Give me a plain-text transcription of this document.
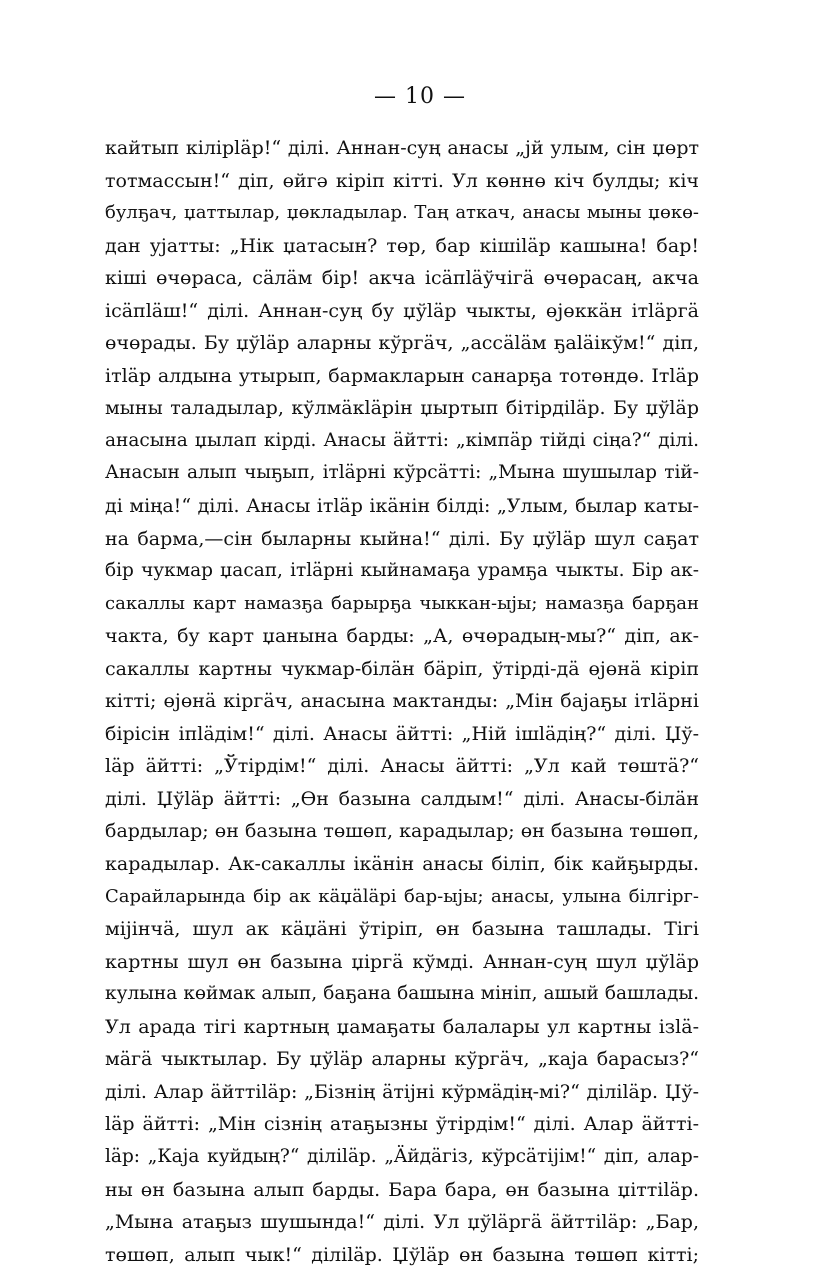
— 10 —
кайтып кіліpläp!“ ділі. Аннан-суң анасы „јй улым, сін џөрт
тотмассын!“ діп, өйгә кіріп кітті. Ул көннө кіч булды; кіч
булҕач, џаттылар, џөкладылар. Таң аткач, анасы мыны џөкө-
дан уjатты: „Нік џатасын? төр, бар кішіläр кашына! бар!
кішi өчөраса, сäлäм бір! акча ісäпläўчігä өчөрасаң, акча
ісäпläш!“ ділі. Аннан-суң бу џўläр чыкты, өјөккäн ітläргä
өчөрады. Бу џўläр аларны кўргäч, „ассäläм ҕаläiкўм!“ діп,
ітläр алдына утырып, бармакларын санарҕа тотөндө. Ітläр
мыны таладылар, кўлмäкläрін џыртып бітірдіläр. Бу џўläр
анасына џылап кірді. Анасы äйтті: „кімпäр тійді сіңа?“ ділі.
Анасын алып чыҕып, ітläрні кўрсäтті: „Мына шушылар тій-
ді міңа!“ ділі. Анасы ітläр ікäнін білді: „Улым, былар каты-
на барма,—сін быларны кыйна!“ ділі. Бу џўläр шул саҕат
бір чукмар џасап, ітläрні кыйнамаҕа урамҕа чыкты. Бір ак-
сакаллы карт намазҕа барырҕа чыккан-ыјы; намазҕа барҕан
чакта, бу карт џанына барды: „А, өчөрадың-мы?“ діп, ак-
сакаллы картны чукмар-білäн бäріп, ўтірді-дä өјөнä кіріп
кітті; өјөнä кіргäч, анасына мактанды: „Мін баjаҕы ітläрні
бірісін іпläдім!“ ділі. Анасы äйтті: „Ній ішläдің?“ ділі. Џў-
läр äйтті: „Ўтірдім!“ ділі. Анасы äйтті: „Ул кай төштä?“
ділі. Џўläр äйтті: „Өн базына салдым!“ ділі. Анасы-білäн
бардылар; өн базына төшөп, карадылар; өн базына төшөп,
карадылар. Ак-сакаллы ікäнін анасы біліп, бік кайҕырды.
Сарайларында бір ак кäџäläрі бар-ыјы; анасы, улына білгірг-
міјінчä, шул ак кäџäні ўтіріп, өн базына ташлады. Тігі
картны шул өн базына џіргä кўмді. Аннан-суң шул џўläр
кулына көймак алып, баҕана башына мініп, ашый башлады.
Ул арада тігі картның џамаҕаты балалары ул картны ізlä-
мäгä чыктылар. Бу џўläр аларны кўргäч, „каjа барасыз?“
ділі. Алар äйттіläр: „Бізнің äтіјні кўрмäдің-мі?“ ділiläр. Џў-
läр äйтті: „Мін сізнің атаҕызны ўтірдім!“ ділі. Алар äйтті-
läр: „Каjа куйдың?“ ділiläр. „Äйдäгіз, кўрсäтіјім!“ діп, алар-
ны өн базына алып барды. Бара бара, өн базына џіттіläр.
„Мына атаҕыз шушында!“ ділі. Ул џўläргä äйттіläр: „Бар,
төшөп, алып чык!“ діліläр. Џўläр өн базына төшөп кітті;
